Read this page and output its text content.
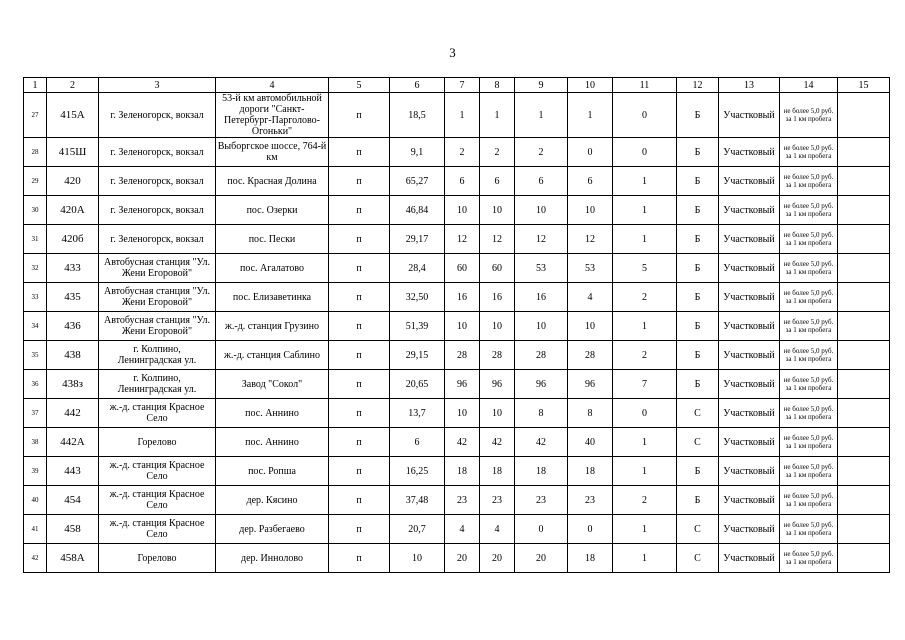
3
1	2	3	4	5	6	7	8	9	10	11	12	13	14	15
27	415А	г. Зеленогорск, вокзал	53-й км автомобильной дороги "Санкт-Петербург-Парголово-Огоньки"	п	18,5	1	1	1	1	0	Б	Участковый	не более 5,0 руб. за 1 км пробега	
28	415Ш	г. Зеленогорск, вокзал	Выборгское шоссе, 764-й км	п	9,1	2	2	2	0	0	Б	Участковый	не более 5,0 руб. за 1 км пробега	
29	420	г. Зеленогорск, вокзал	пос. Красная Долина	п	65,27	6	6	6	6	1	Б	Участковый	не более 5,0 руб. за 1 км пробега	
30	420А	г. Зеленогорск, вокзал	пос. Озерки	п	46,84	10	10	10	10	1	Б	Участковый	не более 5,0 руб. за 1 км пробега	
31	420б	г. Зеленогорск, вокзал	пос. Пески	п	29,17	12	12	12	12	1	Б	Участковый	не более 5,0 руб. за 1 км пробега	
32	433	Автобусная станция "Ул. Жени Егоровой"	пос. Агалатово	п	28,4	60	60	53	53	5	Б	Участковый	не более 5,0 руб. за 1 км пробега	
33	435	Автобусная станция "Ул. Жени Егоровой"	пос. Елизаветинка	п	32,50	16	16	16	4	2	Б	Участковый	не более 5,0 руб. за 1 км пробега	
34	436	Автобусная станция "Ул. Жени Егоровой"	ж.-д. станция Грузино	п	51,39	10	10	10	10	1	Б	Участковый	не более 5,0 руб. за 1 км пробега	
35	438	г. Колпино, Ленинградская ул.	ж.-д. станция Саблино	п	29,15	28	28	28	28	2	Б	Участковый	не более 5,0 руб. за 1 км пробега	
36	438з	г. Колпино, Ленинградская ул.	Завод "Сокол"	п	20,65	96	96	96	96	7	Б	Участковый	не более 5,0 руб. за 1 км пробега	
37	442	ж.-д. станция Красное Село	пос. Аннино	п	13,7	10	10	8	8	0	С	Участковый	не более 5,0 руб. за 1 км пробега	
38	442А	Горелово	пос. Аннино	п	6	42	42	42	40	1	С	Участковый	не более 5,0 руб. за 1 км пробега	
39	443	ж.-д. станция Красное Село	пос. Ропша	п	16,25	18	18	18	18	1	Б	Участковый	не более 5,0 руб. за 1 км пробега	
40	454	ж.-д. станция Красное Село	дер. Кясино	п	37,48	23	23	23	23	2	Б	Участковый	не более 5,0 руб. за 1 км пробега	
41	458	ж.-д. станция Красное Село	дер. Разбегаево	п	20,7	4	4	0	0	1	С	Участковый	не более 5,0 руб. за 1 км пробега	
42	458А	Горелово	дер. Иннолово	п	10	20	20	20	18	1	С	Участковый	не более 5,0 руб. за 1 км пробега	
